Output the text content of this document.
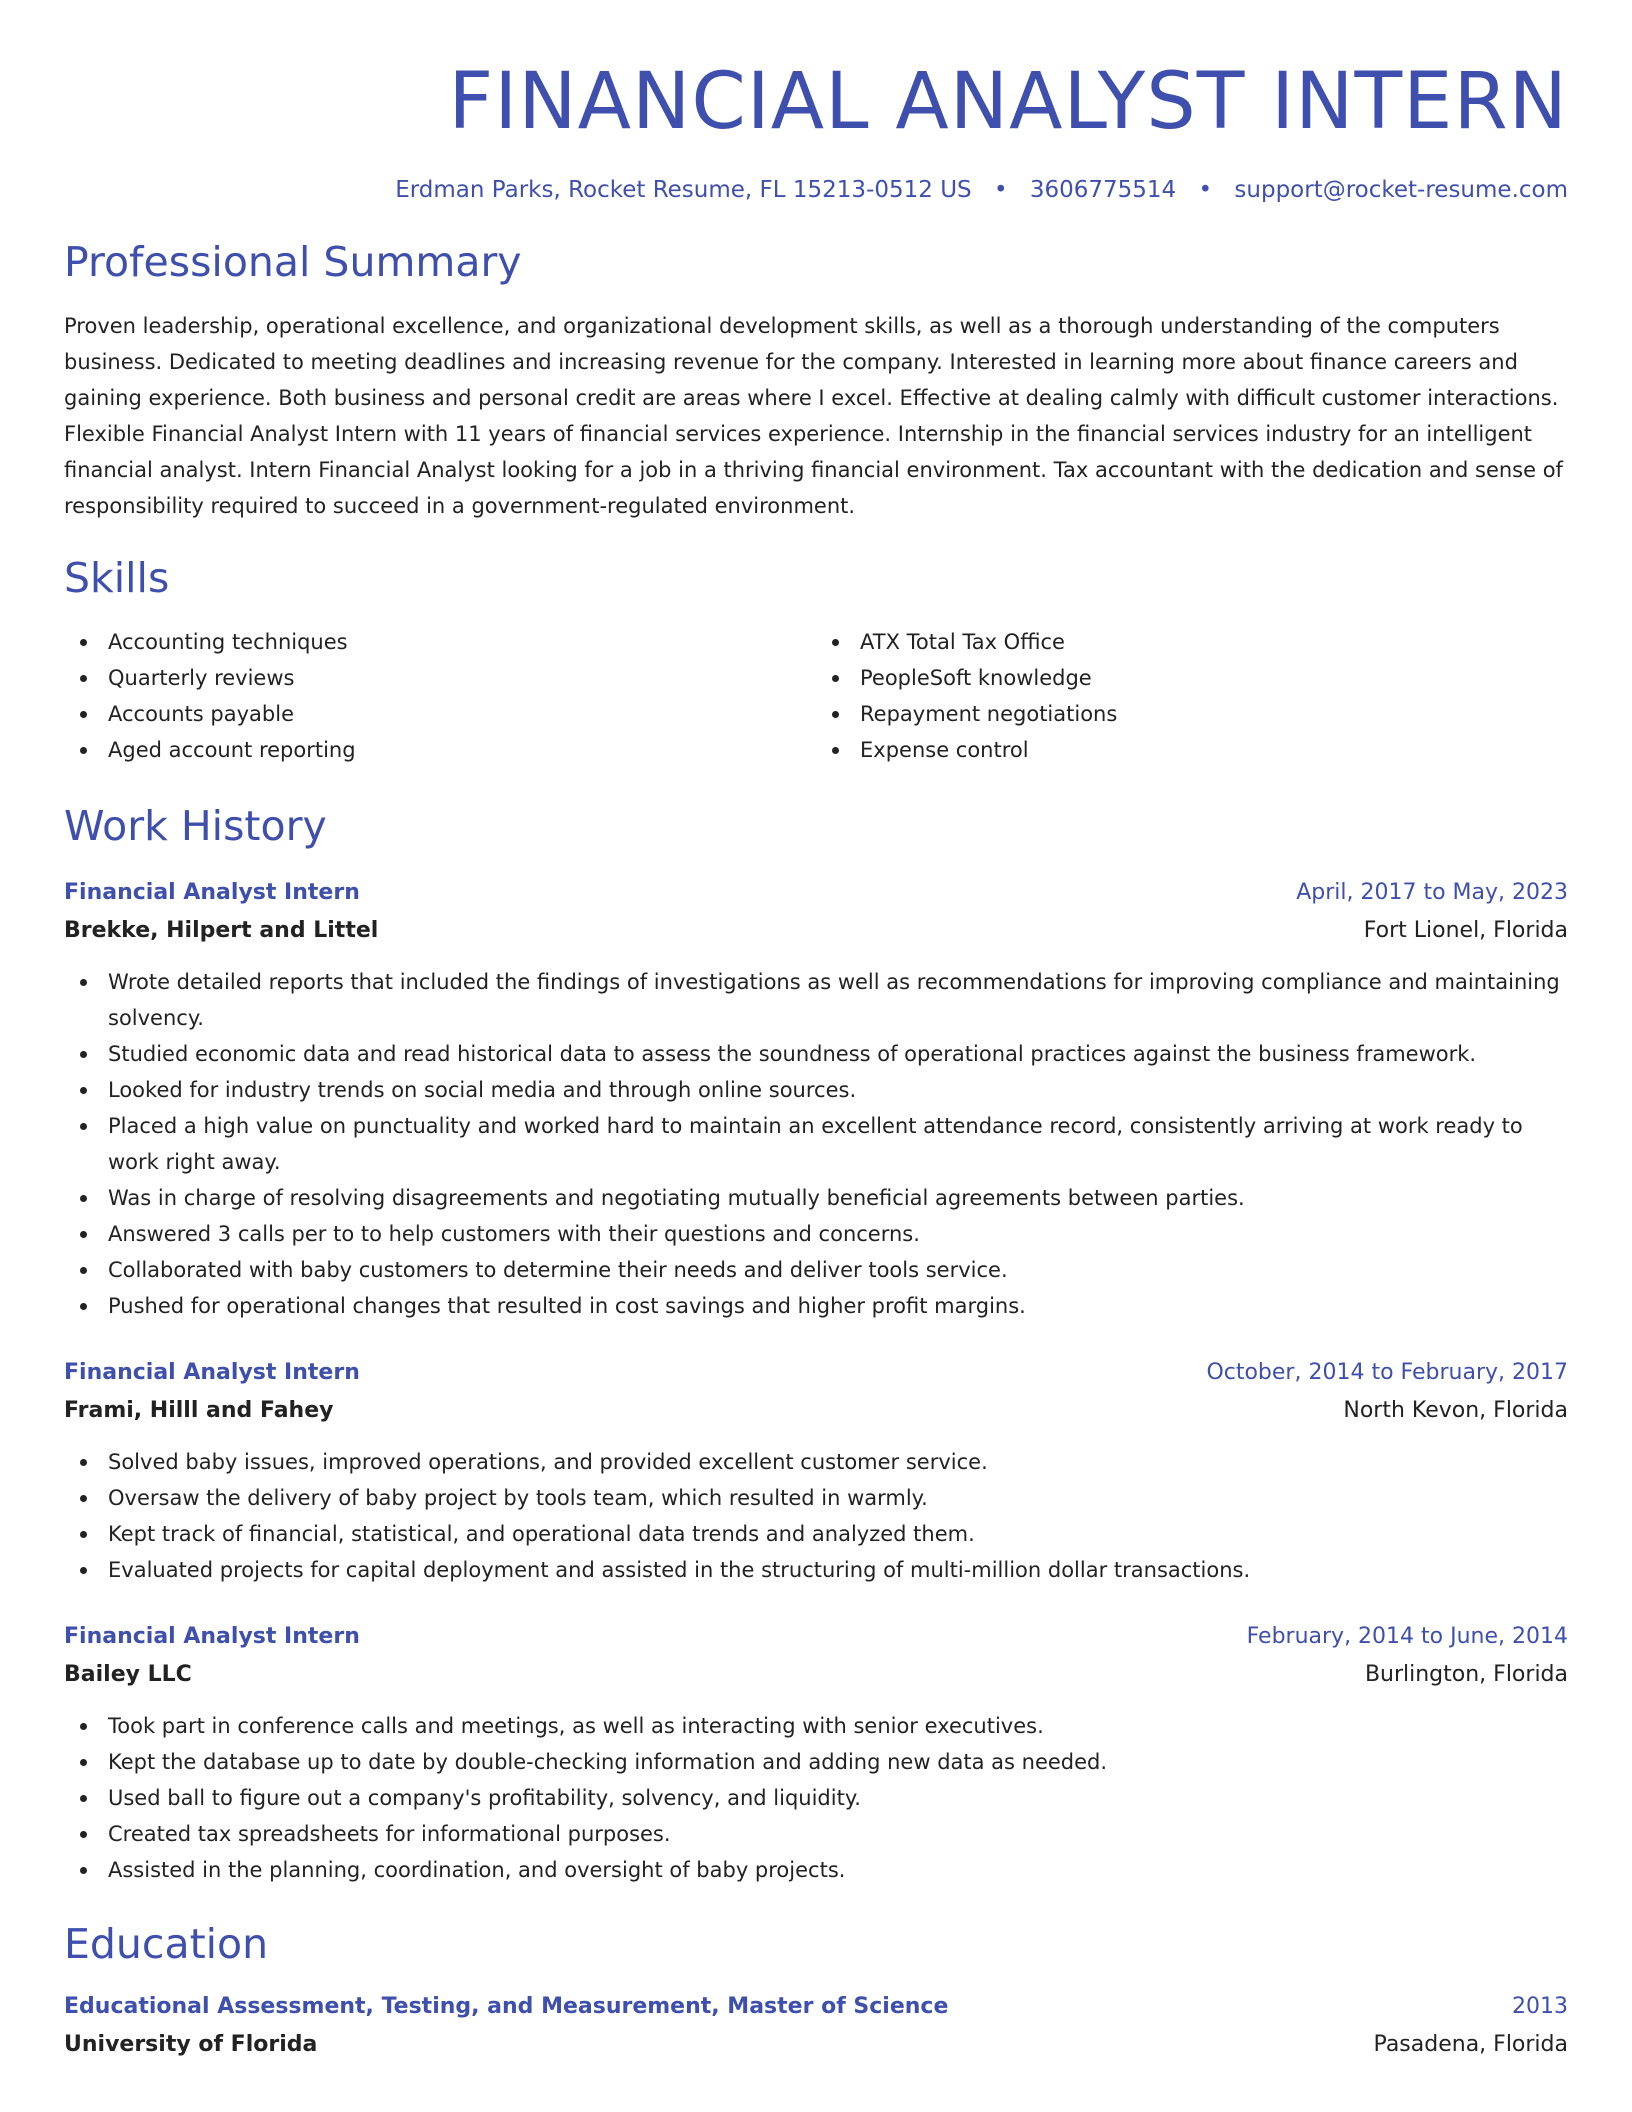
FINANCIAL ANALYST INTERN
Erdman Parks, Rocket Resume, FL 15213-0512 US • 3606775514 • support@rocket-resume.com
Professional Summary

Proven leadership, operational excellence, and organizational development skills, as well as a thorough understanding of the computers business. Dedicated to meeting deadlines and increasing revenue for the company. Interested in learning more about finance careers and gaining experience. Both business and personal credit are areas where I excel. Effective at dealing calmly with difficult customer interactions. Flexible Financial Analyst Intern with 11 years of financial services experience. Internship in the financial services industry for an intelligent financial analyst. Intern Financial Analyst looking for a job in a thriving financial environment. Tax accountant with the dedication and sense of responsibility required to succeed in a government-regulated environment.

Skills
Accounting techniques
Quarterly reviews
Accounts payable
Aged account reporting
ATX Total Tax Office
PeopleSoft knowledge
Repayment negotiations
Expense control
Work History
Financial Analyst Intern	April, 2017 to May, 2023
Brekke, Hilpert and Littel	Fort Lionel, Florida
Wrote detailed reports that included the findings of investigations as well as recommendations for improving compliance and maintaining solvency.
Studied economic data and read historical data to assess the soundness of operational practices against the business framework.
Looked for industry trends on social media and through online sources.
Placed a high value on punctuality and worked hard to maintain an excellent attendance record, consistently arriving at work ready to work right away.
Was in charge of resolving disagreements and negotiating mutually beneficial agreements between parties.
Answered 3 calls per to to help customers with their questions and concerns.
Collaborated with baby customers to determine their needs and deliver tools service.
Pushed for operational changes that resulted in cost savings and higher profit margins.
Financial Analyst Intern	October, 2014 to February, 2017
Frami, Hilll and Fahey	North Kevon, Florida
Solved baby issues, improved operations, and provided excellent customer service.
Oversaw the delivery of baby project by tools team, which resulted in warmly.
Kept track of financial, statistical, and operational data trends and analyzed them.
Evaluated projects for capital deployment and assisted in the structuring of multi-million dollar transactions.
Financial Analyst Intern	February, 2014 to June, 2014
Bailey LLC	Burlington, Florida
Took part in conference calls and meetings, as well as interacting with senior executives.
Kept the database up to date by double-checking information and adding new data as needed.
Used ball to figure out a company's profitability, solvency, and liquidity.
Created tax spreadsheets for informational purposes.
Assisted in the planning, coordination, and oversight of baby projects.
Education
Educational Assessment, Testing, and Measurement, Master of Science	2013
University of Florida	Pasadena, Florida
